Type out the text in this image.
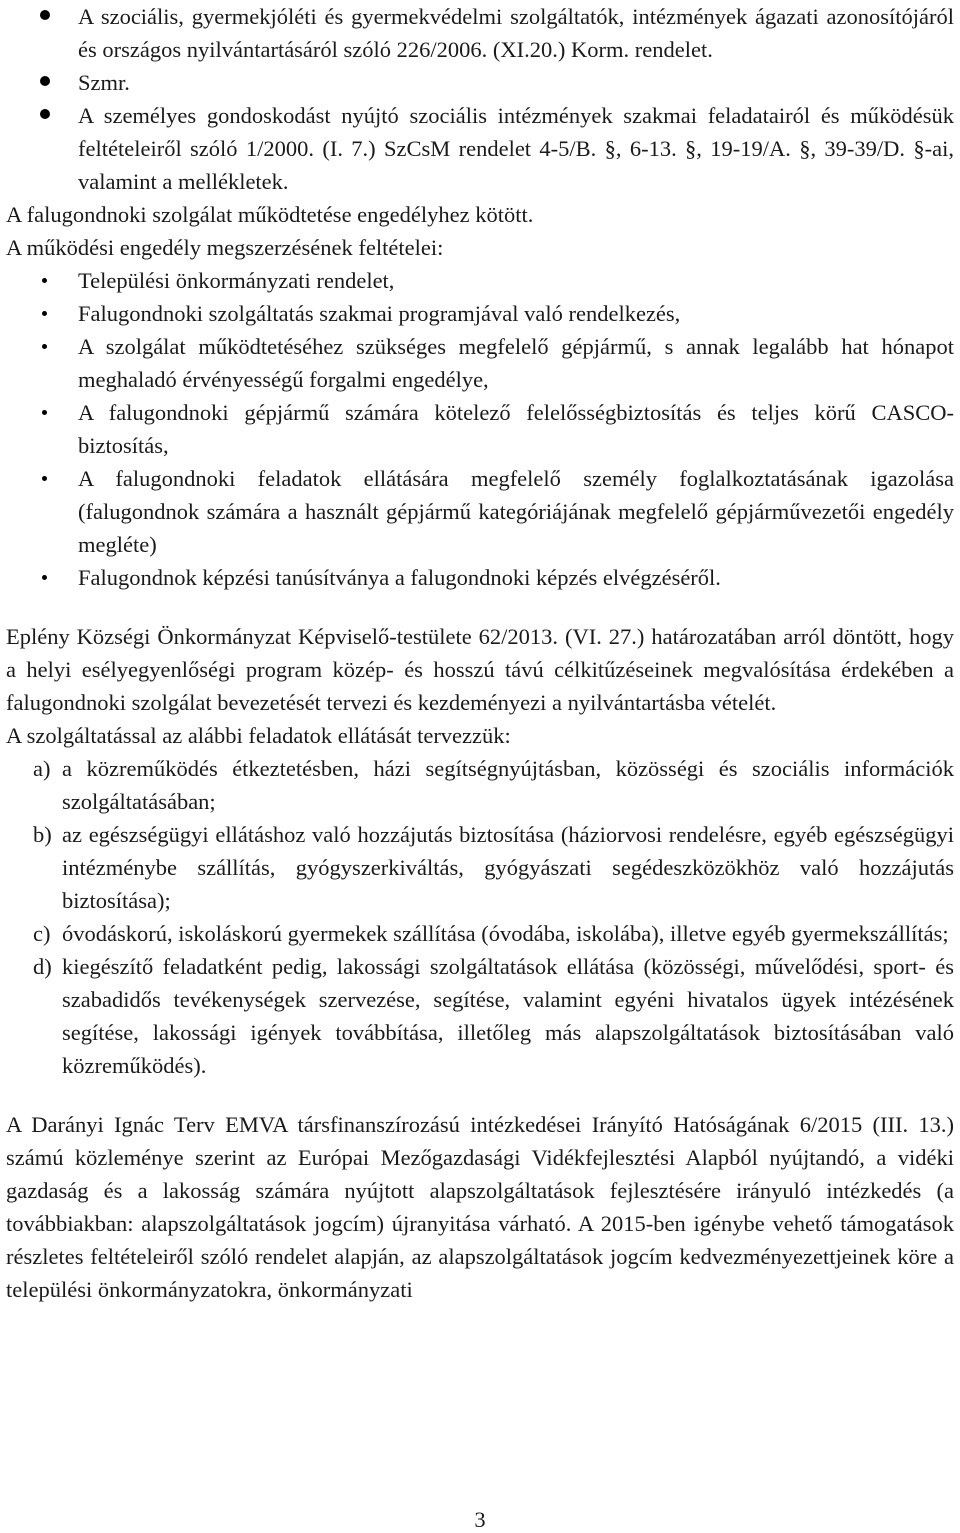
A szociális, gyermekjóléti és gyermekvédelmi szolgáltatók, intézmények ágazati azonosítójáról és országos nyilvántartásáról szóló 226/2006. (XI.20.) Korm. rendelet.
Szmr.
A személyes gondoskodást nyújtó szociális intézmények szakmai feladatairól és működésük feltételeiről szóló 1/2000. (I. 7.) SzCsM rendelet 4-5/B. §, 6-13. §, 19-19/A. §, 39-39/D. §-ai, valamint a mellékletek.

A falugondnoki szolgálat működtetése engedélyhez kötött.

A működési engedély megszerzésének feltételei:

Települési önkormányzati rendelet,
Falugondnoki szolgáltatás szakmai programjával való rendelkezés,
A szolgálat működtetéséhez szükséges megfelelő gépjármű, s annak legalább hat hónapot meghaladó érvényességű forgalmi engedélye,
A falugondnoki gépjármű számára kötelező felelősségbiztosítás és teljes körű CASCO- biztosítás,
A falugondnoki feladatok ellátására megfelelő személy foglalkoztatásának igazolása (falugondnok számára a használt gépjármű kategóriájának megfelelő gépjárművezetői engedély megléte)
Falugondnok képzési tanúsítványa a falugondnoki képzés elvégzéséről.

Eplény Községi Önkormányzat Képviselő-testülete 62/2013. (VI. 27.) határozatában arról döntött, hogy a helyi esélyegyenlőségi program közép- és hosszú távú célkitűzéseinek megvalósítása érdekében a falugondnoki szolgálat bevezetését tervezi és kezdeményezi a nyilvántartásba vételét.

A szolgáltatással az alábbi feladatok ellátását tervezzük:

a) a közreműködés étkeztetésben, házi segítségnyújtásban, közösségi és szociális információk szolgáltatásában;
b) az egészségügyi ellátáshoz való hozzájutás biztosítása (háziorvosi rendelésre, egyéb egészségügyi intézménybe szállítás, gyógyszerkiváltás, gyógyászati segédeszközökhöz való hozzájutás biztosítása);
c) óvodáskorú, iskoláskorú gyermekek szállítása (óvodába, iskolába), illetve egyéb gyermekszállítás;
d) kiegészítő feladatként pedig, lakossági szolgáltatások ellátása (közösségi, művelődési, sport- és szabadidős tevékenységek szervezése, segítése, valamint egyéni hivatalos ügyek intézésének segítése, lakossági igények továbbítása, illetőleg más alapszolgáltatások biztosításában való közreműködés).

A Darányi Ignác Terv EMVA társfinanszírozású intézkedései Irányító Hatóságának 6/2015 (III. 13.) számú közleménye szerint az Európai Mezőgazdasági Vidékfejlesztési Alapból nyújtandó, a vidéki gazdaság és a lakosság számára nyújtott alapszolgáltatások fejlesztésére irányuló intézkedés (a továbbiakban: alapszolgáltatások jogcím) újranyitása várható. A 2015-ben igénybe vehető támogatások részletes feltételeiről szóló rendelet alapján, az alapszolgáltatások jogcím kedvezményezettjeinek köre a települési önkormányzatokra, önkormányzati

3
